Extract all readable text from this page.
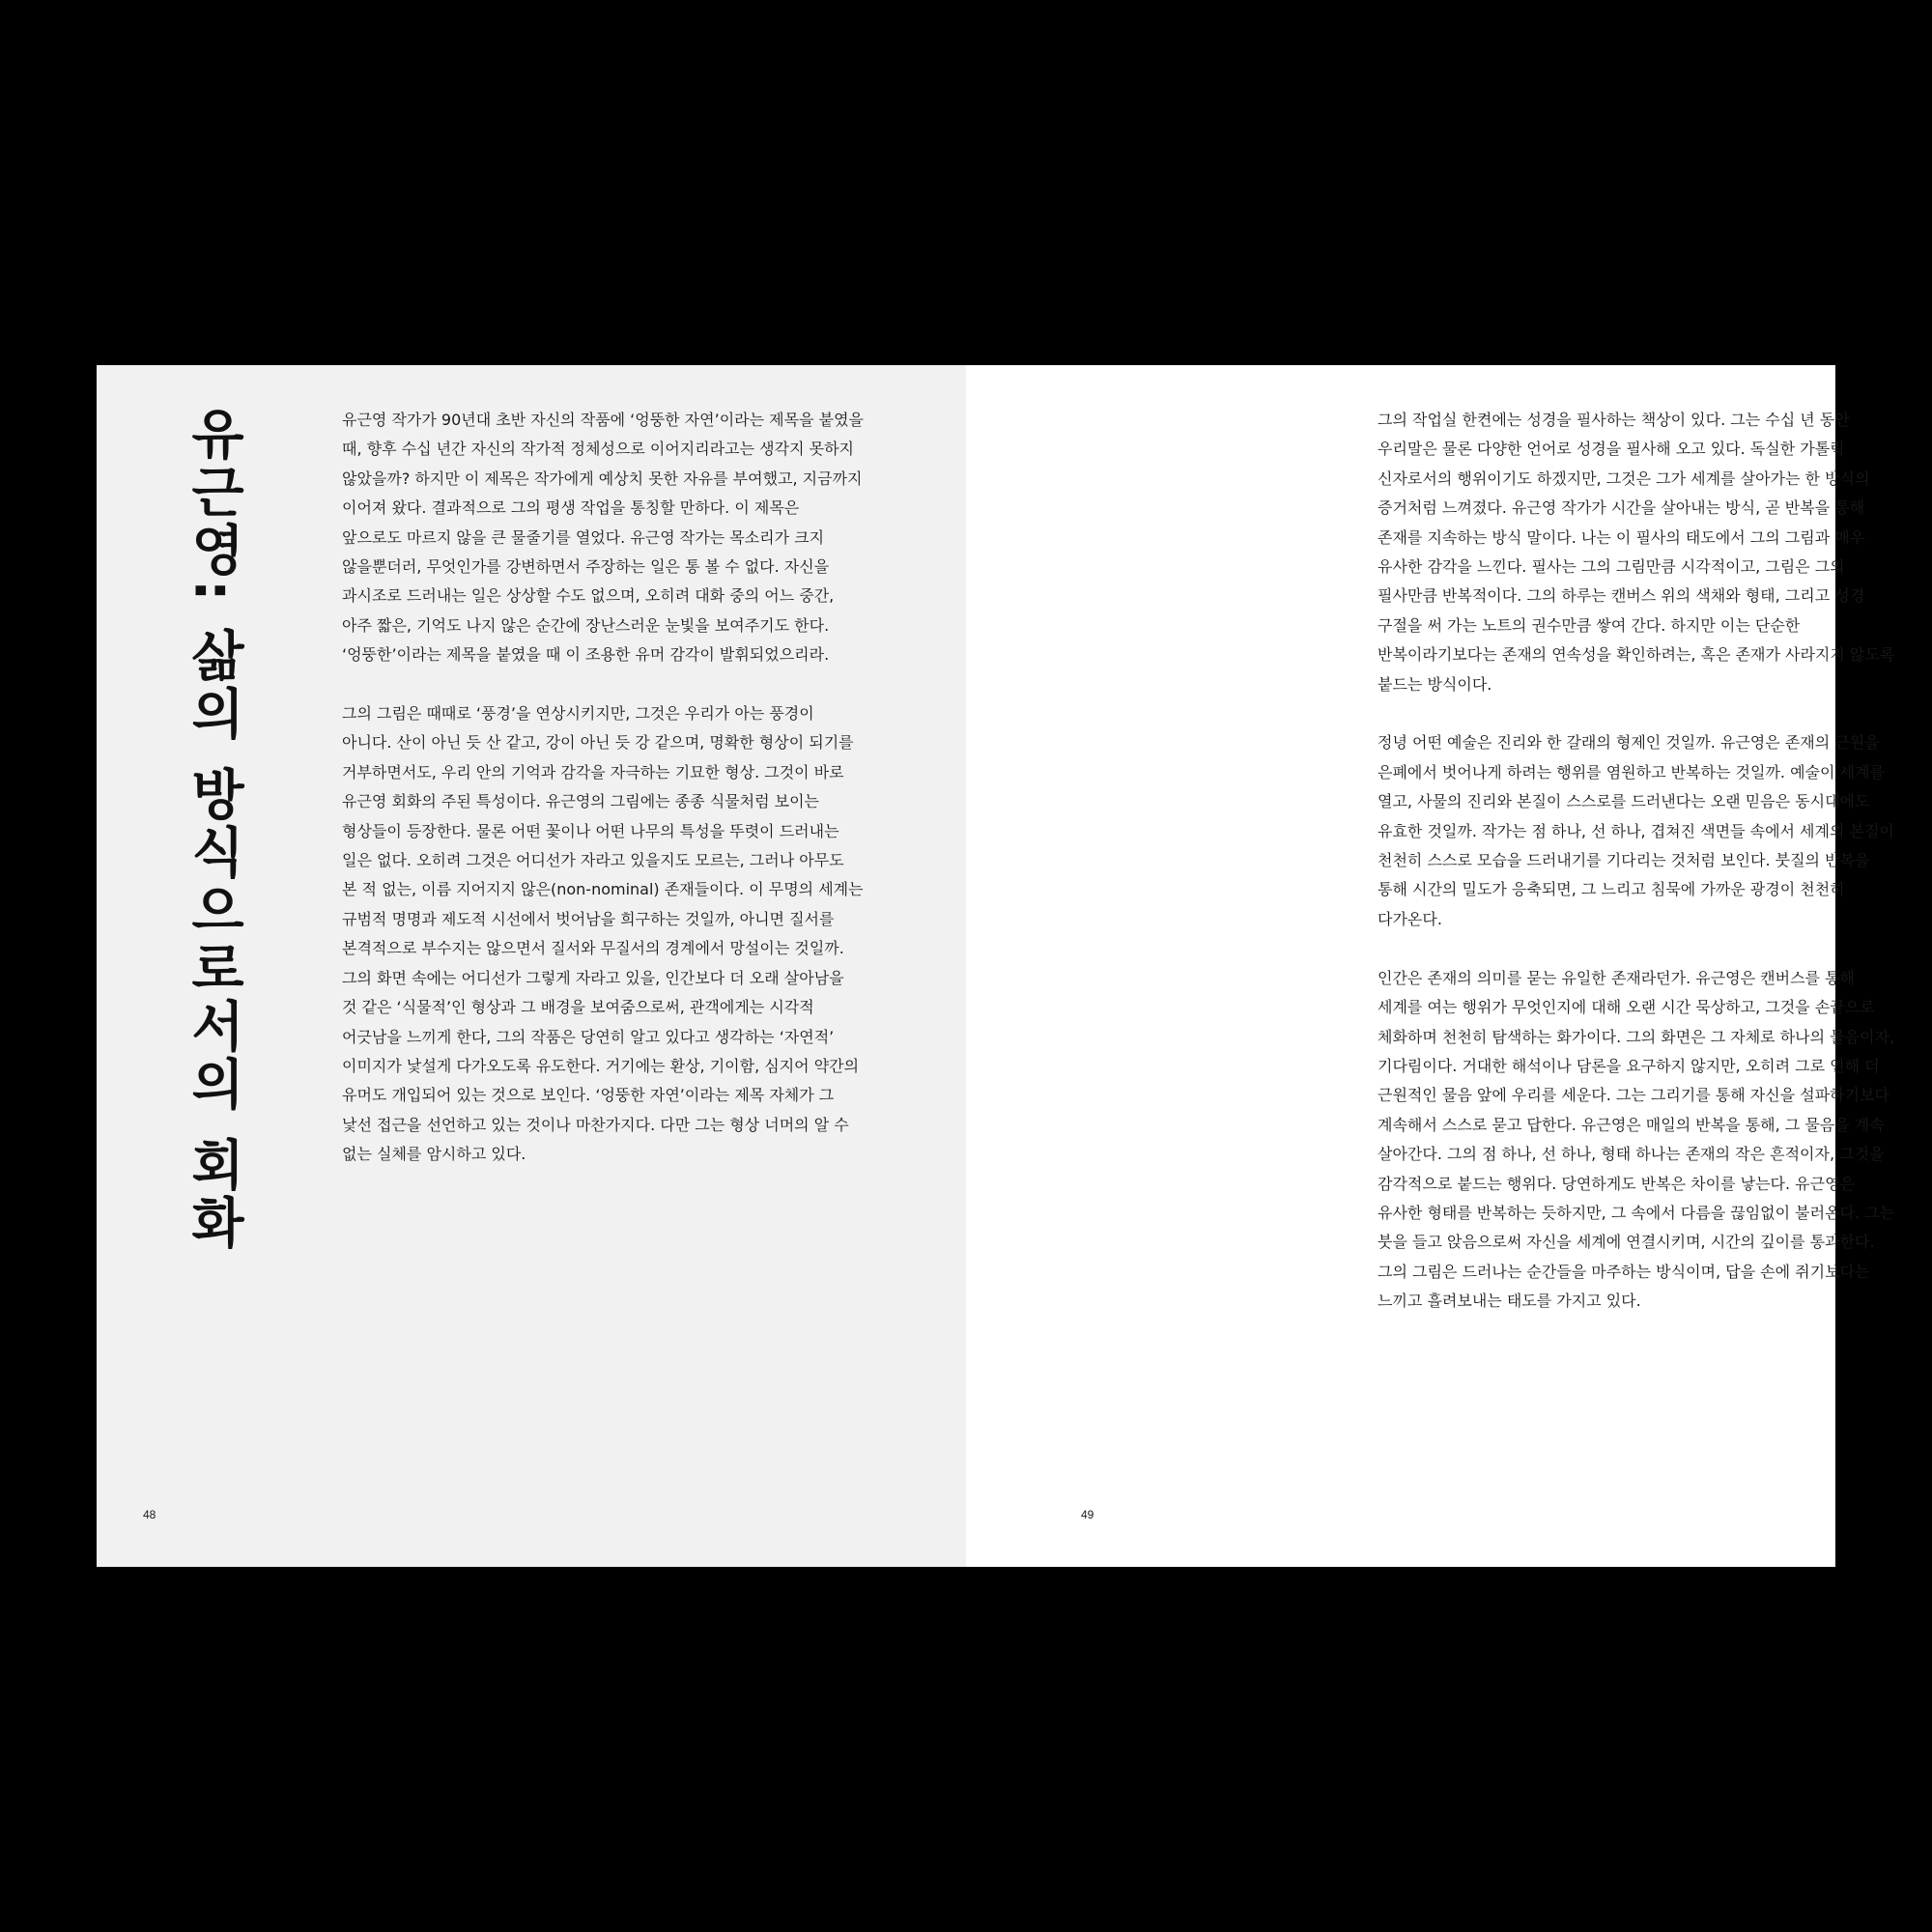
유근영: 삶의 방식으로서의 회화	유근영 작가가 90년대 초반 자신의 작품에 ‘엉뚱한 자연’이라는 제목을 붙였을 때, 향후 수십 년간 자신의 작가적 정체성으로 이어지리라고는 생각지 못하지 않았을까? 하지만 이 제목은 작가에게 예상치 못한 자유를 부여했고, 지금까지 이어져 왔다. 결과적으로 그의 평생 작업을 통칭할 만하다. 이 제목은 앞으로도 마르지 않을 큰 물줄기를 열었다. 유근영 작가는 목소리가 크지 않을뿐더러, 무엇인가를 강변하면서 주장하는 일은 통 볼 수 없다. 자신을 과시조로 드러내는 일은 상상할 수도 없으며, 오히려 대화 중의 어느 중간, 아주 짧은, 기억도 나지 않은 순간에 장난스러운 눈빛을 보여주기도 한다. ‘엉뚱한’이라는 제목을 붙였을 때 이 조용한 유머 감각이 발휘되었으리라.

그의 그림은 때때로 ‘풍경’을 연상시키지만, 그것은 우리가 아는 풍경이 아니다. 산이 아닌 듯 산 같고, 강이 아닌 듯 강 같으며, 명확한 형상이 되기를 거부하면서도, 우리 안의 기억과 감각을 자극하는 기묘한 형상. 그것이 바로 유근영 회화의 주된 특성이다. 유근영의 그림에는 종종 식물처럼 보이는 형상들이 등장한다. 물론 어떤 꽃이나 어떤 나무의 특성을 뚜렷이 드러내는 일은 없다. 오히려 그것은 어디선가 자라고 있을지도 모르는, 그러나 아무도 본 적 없는, 이름 지어지지 않은(non-nominal) 존재들이다. 이 무명의 세계는 규범적 명명과 제도적 시선에서 벗어남을 희구하는 것일까, 아니면 질서를 본격적으로 부수지는 않으면서 질서와 무질서의 경계에서 망설이는 것일까. 그의 화면 속에는 어디선가 그렇게 자라고 있을, 인간보다 더 오래 살아남을 것 같은 ‘식물적’인 형상과 그 배경을 보여줌으로써, 관객에게는 시각적 어긋남을 느끼게 한다, 그의 작품은 당연히 알고 있다고 생각하는 ‘자연적’ 이미지가 낯설게 다가오도록 유도한다. 거기에는 환상, 기이함, 심지어 약간의 유머도 개입되어 있는 것으로 보인다. ‘엉뚱한 자연’이라는 제목 자체가 그 낯선 접근을 선언하고 있는 것이나 마찬가지다. 다만 그는 형상 너머의 알 수 없는 실체를 암시하고 있다.

48

그의 작업실 한켠에는 성경을 필사하는 책상이 있다. 그는 수십 년 동안 우리말은 물론 다양한 언어로 성경을 필사해 오고 있다. 독실한 가톨릭 신자로서의 행위이기도 하겠지만, 그것은 그가 세계를 살아가는 한 방식의 증거처럼 느껴졌다. 유근영 작가가 시간을 살아내는 방식, 곧 반복을 통해 존재를 지속하는 방식 말이다. 나는 이 필사의 태도에서 그의 그림과 매우 유사한 감각을 느낀다. 필사는 그의 그림만큼 시각적이고, 그림은 그의 필사만큼 반복적이다. 그의 하루는 캔버스 위의 색채와 형태, 그리고 성경 구절을 써 가는 노트의 권수만큼 쌓여 간다. 하지만 이는 단순한 반복이라기보다는 존재의 연속성을 확인하려는, 혹은 존재가 사라지지 않도록 붙드는 방식이다.

정녕 어떤 예술은 진리와 한 갈래의 형제인 것일까. 유근영은 존재의 근원을 은폐에서 벗어나게 하려는 행위를 염원하고 반복하는 것일까. 예술이 세계를 열고, 사물의 진리와 본질이 스스로를 드러낸다는 오랜 믿음은 동시대에도 유효한 것일까. 작가는 점 하나, 선 하나, 겹쳐진 색면들 속에서 세계의 본질이 천천히 스스로 모습을 드러내기를 기다리는 것처럼 보인다. 붓질의 반복을 통해 시간의 밀도가 응축되면, 그 느리고 침묵에 가까운 광경이 천천히 다가온다.

인간은 존재의 의미를 묻는 유일한 존재라던가. 유근영은 캔버스를 통해 세계를 여는 행위가 무엇인지에 대해 오랜 시간 묵상하고, 그것을 손끝으로 체화하며 천천히 탐색하는 화가이다. 그의 화면은 그 자체로 하나의 물음이자, 기다림이다. 거대한 해석이나 담론을 요구하지 않지만, 오히려 그로 인해 더 근원적인 물음 앞에 우리를 세운다. 그는 그리기를 통해 자신을 설파하기보다 계속해서 스스로 묻고 답한다. 유근영은 매일의 반복을 통해, 그 물음을 계속 살아간다. 그의 점 하나, 선 하나, 형태 하나는 존재의 작은 흔적이자, 그것을 감각적으로 붙드는 행위다. 당연하게도 반복은 차이를 낳는다. 유근영은 유사한 형태를 반복하는 듯하지만, 그 속에서 다름을 끊임없이 불러온다. 그는 붓을 들고 앉음으로써 자신을 세계에 연결시키며, 시간의 깊이를 통과한다. 그의 그림은 드러나는 순간들을 마주하는 방식이며, 답을 손에 쥐기보다는 느끼고 흘려보내는 태도를 가지고 있다.

49
